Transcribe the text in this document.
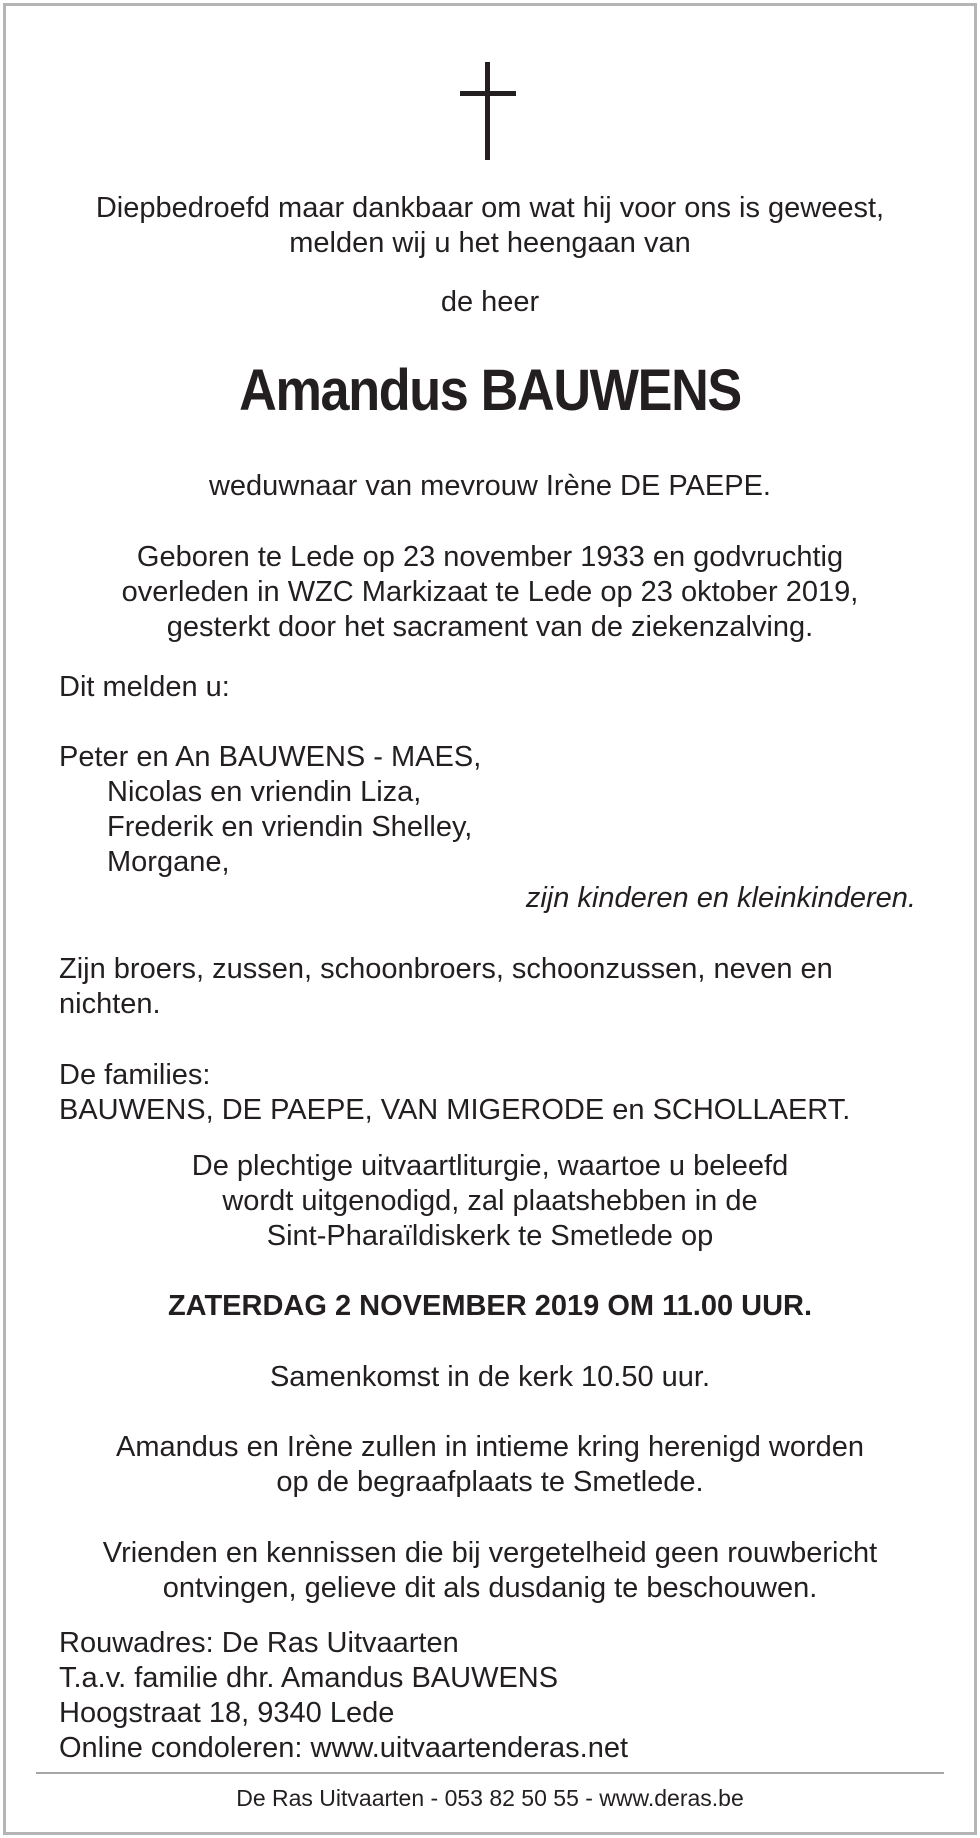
Diepbedroefd maar dankbaar om wat hij voor ons is geweest,
melden wij u het heengaan van
de heer
Amandus BAUWENS
weduwnaar van mevrouw Irène DE PAEPE.
Geboren te Lede op 23 november 1933 en godvruchtig
overleden in WZC Markizaat te Lede op 23 oktober 2019,
gesterkt door het sacrament van de ziekenzalving.
Dit melden u:
Peter en An BAUWENS - MAES,
Nicolas en vriendin Liza,
Frederik en vriendin Shelley,
Morgane,
zijn kinderen en kleinkinderen.
Zijn broers, zussen, schoonbroers, schoonzussen, neven en
nichten.
De families:
BAUWENS, DE PAEPE, VAN MIGERODE en SCHOLLAERT.
De plechtige uitvaartliturgie, waartoe u beleefd
wordt uitgenodigd, zal plaatshebben in de
Sint-Pharaïldiskerk te Smetlede op
ZATERDAG 2 NOVEMBER 2019 OM 11.00 UUR.
Samenkomst in de kerk 10.50 uur.
Amandus en Irène zullen in intieme kring herenigd worden
op de begraafplaats te Smetlede.
Vrienden en kennissen die bij vergetelheid geen rouwbericht
ontvingen, gelieve dit als dusdanig te beschouwen.
Rouwadres: De Ras Uitvaarten
T.a.v. familie dhr. Amandus BAUWENS
Hoogstraat 18, 9340 Lede
Online condoleren: www.uitvaartenderas.net
De Ras Uitvaarten - 053 82 50 55 - www.deras.be
